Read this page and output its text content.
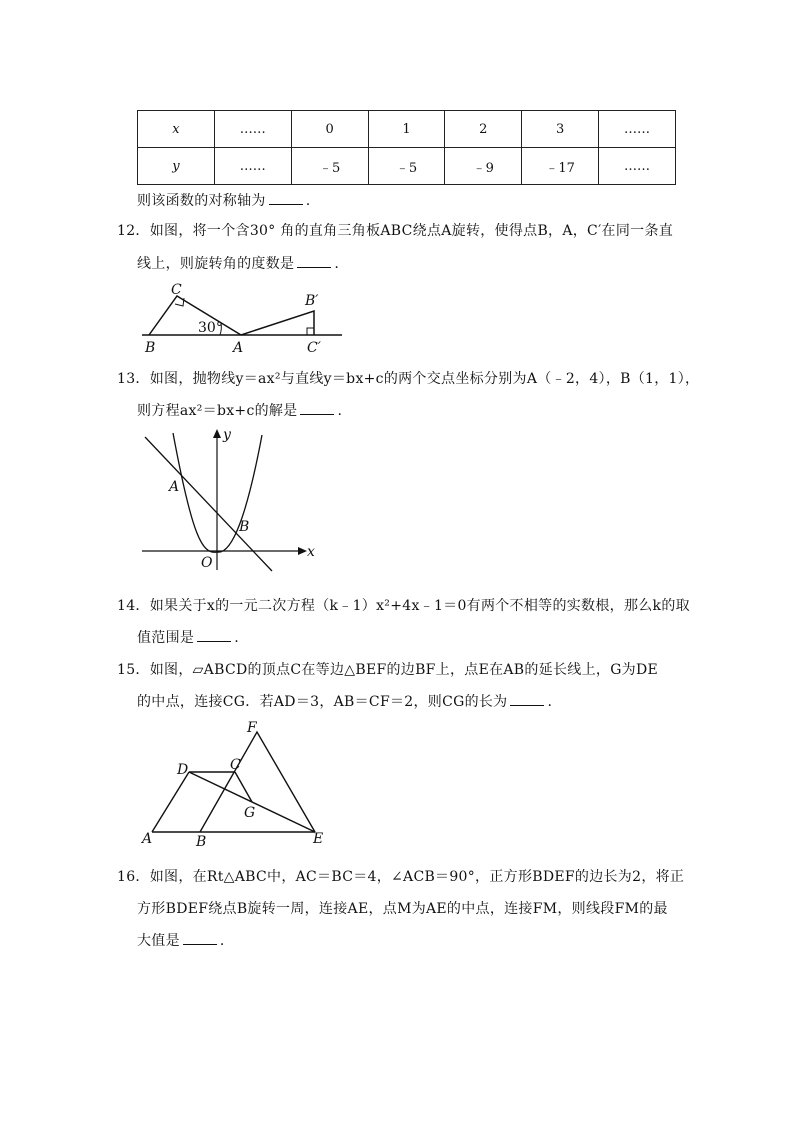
x	……	0	1	2	3	……
y	……	﹣5	﹣5	﹣9	﹣17	……
则该函数的对称轴为	.
12．如图，将一个含30° 角的直角三角板ABC绕点A旋转，使得点B，A，C′在同一条直
线上，则旋转角的度数是	.
C
B	A
B′
C′
30°
13．如图，抛物线y＝ax²与直线y＝bx+c的两个交点坐标分别为A（﹣2，4），B（1，1），
则方程ax²＝bx+c的解是	.
y
x
O
A
B
14．如果关于x的一元二次方程（k﹣1）x²+4x﹣1＝0有两个不相等的实数根，那么k的取
值范围是	.
15．如图，▱ABCD的顶点C在等边△BEF的边BF上，点E在AB的延长线上，G为DE
的中点，连接CG．若AD＝3，AB＝CF＝2，则CG的长为	.
F
D	C
G
A	B	E
16．如图，在Rt△ABC中，AC＝BC＝4，∠ACB＝90°，正方形BDEF的边长为2，将正
方形BDEF绕点B旋转一周，连接AE，点M为AE的中点，连接FM，则线段FM的最
大值是	.
